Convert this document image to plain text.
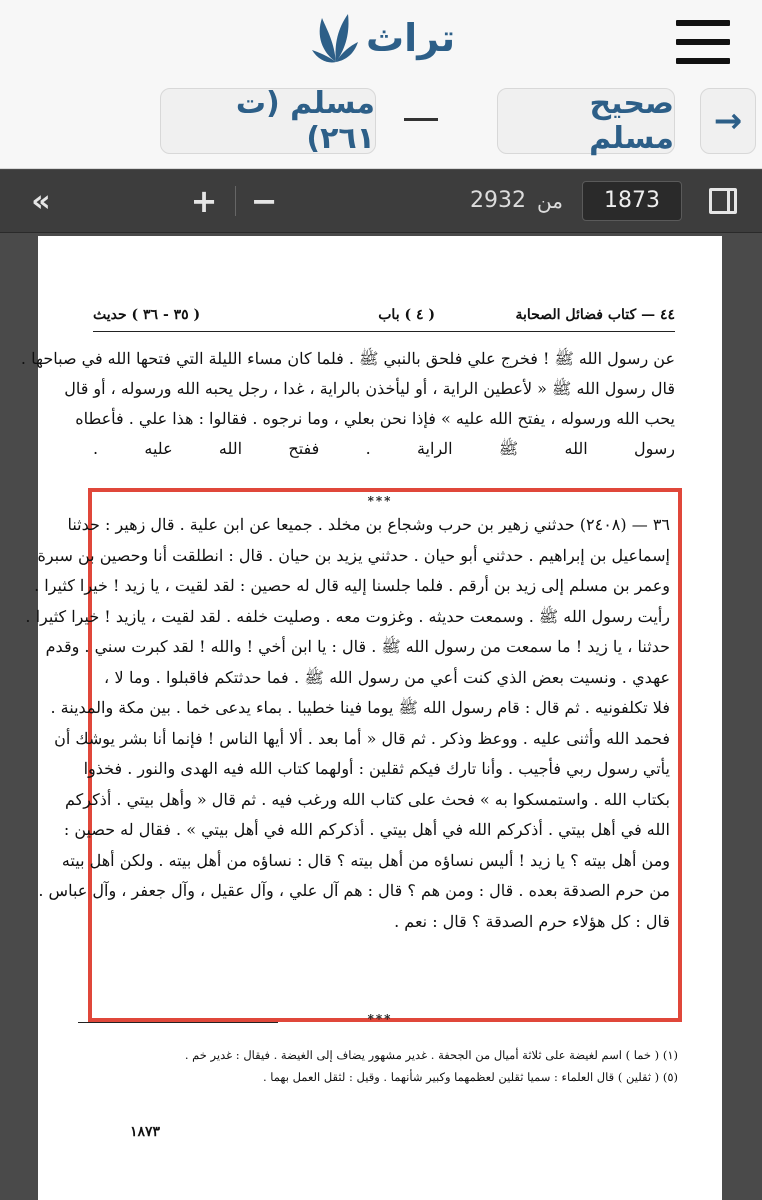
تراث
→
صحيح مسلم
مسلم (ت ٢٦١)
«	+ −	2932 من	1873
٤٤ — كتاب فضائل الصحابة
( ٤ ) باب
( ٣٥ - ٣٦ ) حديث
عن رسول الله ﷺ ! فخرج علي فلحق بالنبي ﷺ . فلما كان مساء الليلة التي فتحها الله في صباحها .
قال رسول الله ﷺ « لأعطين الراية ، أو ليأخذن بالراية ، غدا ، رجل يحبه الله ورسوله ، أو قال
يحب الله ورسوله ، يفتح الله عليه » فإذا نحن بعلي ، وما نرجوه . فقالوا : هذا علي . فأعطاه
رسول الله ﷺ الراية . ففتح الله عليه .
***
٣٦ — (٢٤٠٨) حدثني زهير بن حرب وشجاع بن مخلد . جميعا عن ابن علية . قال زهير : حدثنا
إسماعيل بن إبراهيم . حدثني أبو حيان . حدثني يزيد بن حيان . قال : انطلقت أنا وحصين بن سبرة
وعمر بن مسلم إلى زيد بن أرقم . فلما جلسنا إليه قال له حصين : لقد لقيت ، يا زيد ! خيرا كثيرا .
رأيت رسول الله ﷺ . وسمعت حديثه . وغزوت معه . وصليت خلفه . لقد لقيت ، يازيد ! خيرا كثيرا .
حدثنا ، يا زيد ! ما سمعت من رسول الله ﷺ . قال : يا ابن أخي ! والله ! لقد كبرت سني . وقدم
عهدي . ونسيت بعض الذي كنت أعي من رسول الله ﷺ . فما حدثتكم فاقبلوا . وما لا ،
فلا تكلفونيه . ثم قال : قام رسول الله ﷺ يوما فينا خطيبا . بماء يدعى خما . بين مكة والمدينة .
فحمد الله وأثنى عليه . ووعظ وذكر . ثم قال « أما بعد . ألا أيها الناس ! فإنما أنا بشر يوشك أن
يأتي رسول ربي فأجيب . وأنا تارك فيكم ثقلين : أولهما كتاب الله فيه الهدى والنور . فخذوا
بكتاب الله . واستمسكوا به » فحث على كتاب الله ورغب فيه . ثم قال « وأهل بيتي . أذكركم
الله في أهل بيتي . أذكركم الله في أهل بيتي . أذكركم الله في أهل بيتي » . فقال له حصين :
ومن أهل بيته ؟ يا زيد ! أليس نساؤه من أهل بيته ؟ قال : نساؤه من أهل بيته . ولكن أهل بيته
من حرم الصدقة بعده . قال : ومن هم ؟ قال : هم آل علي ، وآل عقيل ، وآل جعفر ، وآل عباس .
قال : كل هؤلاء حرم الصدقة ؟ قال : نعم .
***
(١) ( خما ) اسم لغيضة على ثلاثة أميال من الجحفة . غدير مشهور يضاف إلى الغيضة . فيقال : غدير خم .
(٥) ( ثقلين ) قال العلماء : سميا ثقلين لعظمهما وكبير شأنهما . وقيل : لثقل العمل بهما .
١٨٧٣
